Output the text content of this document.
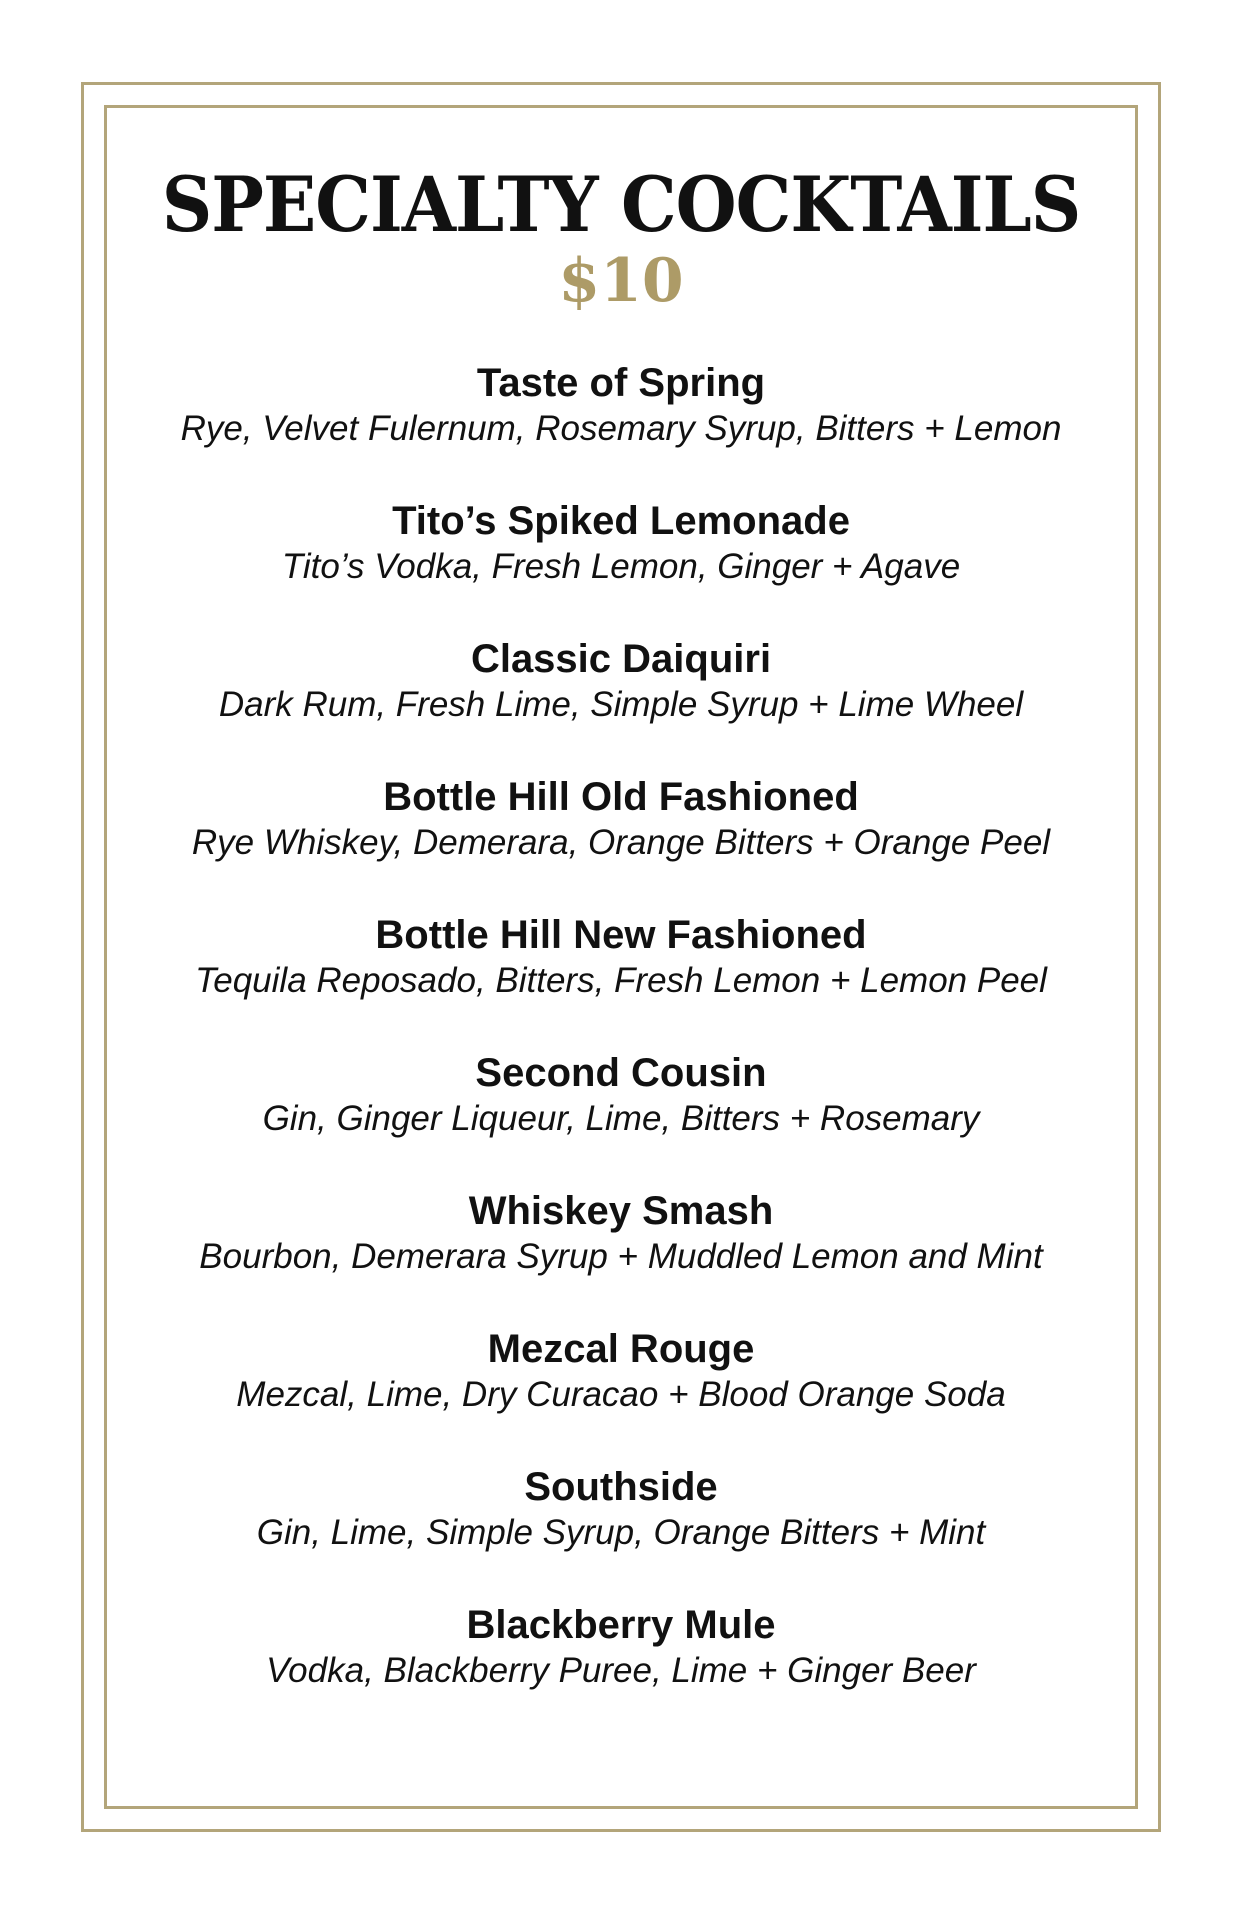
SPECIALTY COCKTAILS
$10
Taste of Spring
Rye, Velvet Fulernum, Rosemary Syrup, Bitters + Lemon
Tito’s Spiked Lemonade
Tito’s Vodka, Fresh Lemon, Ginger + Agave
Classic Daiquiri
Dark Rum, Fresh Lime, Simple Syrup + Lime Wheel
Bottle Hill Old Fashioned
Rye Whiskey, Demerara, Orange Bitters + Orange Peel
Bottle Hill New Fashioned
Tequila Reposado, Bitters, Fresh Lemon + Lemon Peel
Second Cousin
Gin, Ginger Liqueur, Lime, Bitters + Rosemary
Whiskey Smash
Bourbon, Demerara Syrup + Muddled Lemon and Mint
Mezcal Rouge
Mezcal, Lime, Dry Curacao + Blood Orange Soda
Southside
Gin, Lime, Simple Syrup, Orange Bitters + Mint
Blackberry Mule
Vodka, Blackberry Puree, Lime + Ginger Beer
